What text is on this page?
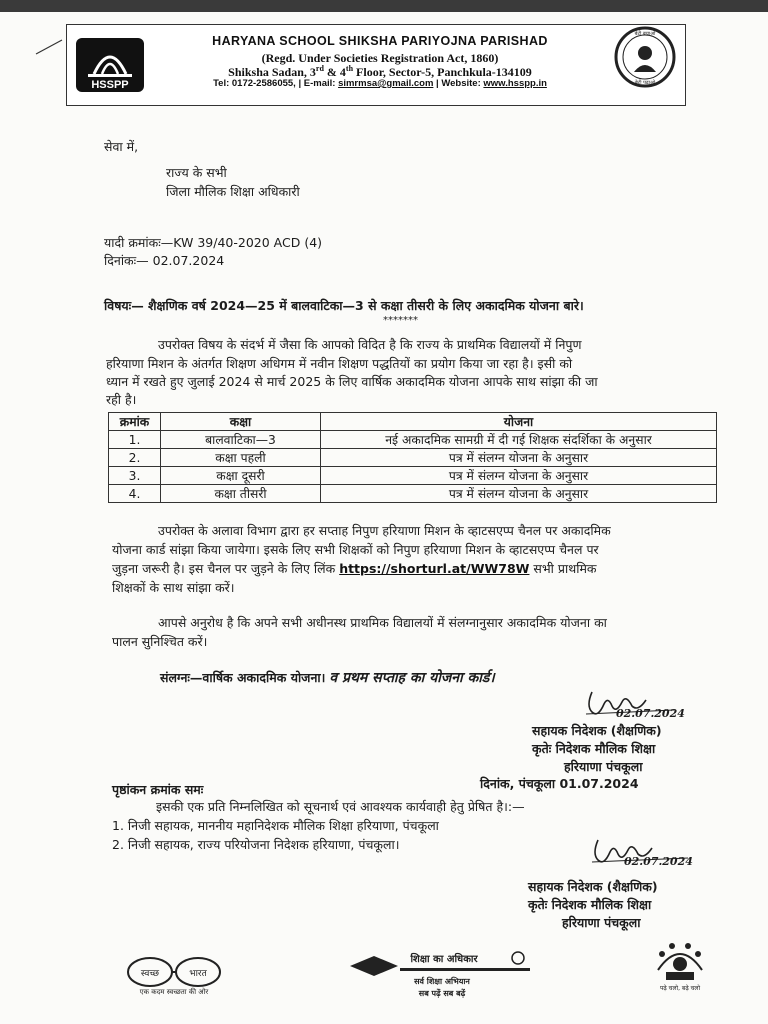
HSSPP
HARYANA SCHOOL SHIKSHA PARIYOJNA PARISHAD
(Regd. Under Societies Registration Act, 1860)
Shiksha Sadan, 3rd & 4th Floor, Sector-5, Panchkula-134109
Tel: 0172-2586055, | E-mail: simrmsa@gmail.com | Website: www.hsspp.in
बेटी बचाओ
बेटी पढ़ाओ
सेवा में,
राज्य के सभी
जिला मौलिक शिक्षा अधिकारी
यादी क्रमांकः—KW 39/40-2020 ACD (4)
दिनांकः— 02.07.2024
विषयः— शैक्षणिक वर्ष 2024—25 में बालवाटिका—3 से कक्षा तीसरी के लिए अकादमिक योजना बारे।
*******
उपरोक्त विषय के संदर्भ में जैसा कि आपको विदित है कि राज्य के प्राथमिक विद्यालयों में निपुण
हरियाणा मिशन के अंतर्गत शिक्षण अधिगम में नवीन शिक्षण पद्धतियों का प्रयोग किया जा रहा है। इसी को
ध्यान में रखते हुए जुलाई 2024 से मार्च 2025 के लिए वार्षिक अकादमिक योजना आपके साथ सांझा की जा
रही है।
क्रमांक	कक्षा	योजना
1.	बालवाटिका—3	नई अकादमिक सामग्री में दी गई शिक्षक संदर्शिका के अनुसार
2.	कक्षा पहली	पत्र में संलग्न योजना के अनुसार
3.	कक्षा दूसरी	पत्र में संलग्न योजना के अनुसार
4.	कक्षा तीसरी	पत्र में संलग्न योजना के अनुसार
उपरोक्त के अलावा विभाग द्वारा हर सप्ताह निपुण हरियाणा मिशन के व्हाटसएप्प चैनल पर अकादमिक
योजना कार्ड सांझा किया जायेगा। इसके लिए सभी शिक्षकों को निपुण हरियाणा मिशन के व्हाटसएप्प चैनल पर
जुड़ना जरूरी है। इस चैनल पर जुड़ने के लिए लिंक https://shorturl.at/WW78W सभी प्राथमिक
शिक्षकों के साथ सांझा करें।
आपसे अनुरोध है कि अपने सभी अधीनस्थ प्राथमिक विद्यालयों में संलग्नानुसार अकादमिक योजना का
पालन सुनिश्चित करें।
संलग्नः—वार्षिक अकादमिक योजना। व प्रथम सप्ताह का योजना कार्ड।
02.07.2024
सहायक निदेशक (शैक्षणिक)
कृतेः निदेशक मौलिक शिक्षा
हरियाणा पंचकूला
पृष्ठांकन क्रमांक समः	दिनांक, पंचकूला 01.07.2024
इसकी एक प्रति निम्नलिखित को सूचनार्थ एवं आवश्यक कार्यवाही हेतु प्रेषित है।:—
1. निजी सहायक, माननीय महानिदेशक मौलिक शिक्षा हरियाणा, पंचकूला
2. निजी सहायक, राज्य परियोजना निदेशक हरियाणा, पंचकूला।
02.07.2024
सहायक निदेशक (शैक्षणिक)
कृतेः निदेशक मौलिक शिक्षा
हरियाणा पंचकूला
स्वच्छ	भारत
एक कदम स्वच्छता की ओर
शिक्षा का अधिकार
सर्व शिक्षा अभियान
सब पढ़ें सब बढ़ें
पढ़े चलो, बढ़े चलो
